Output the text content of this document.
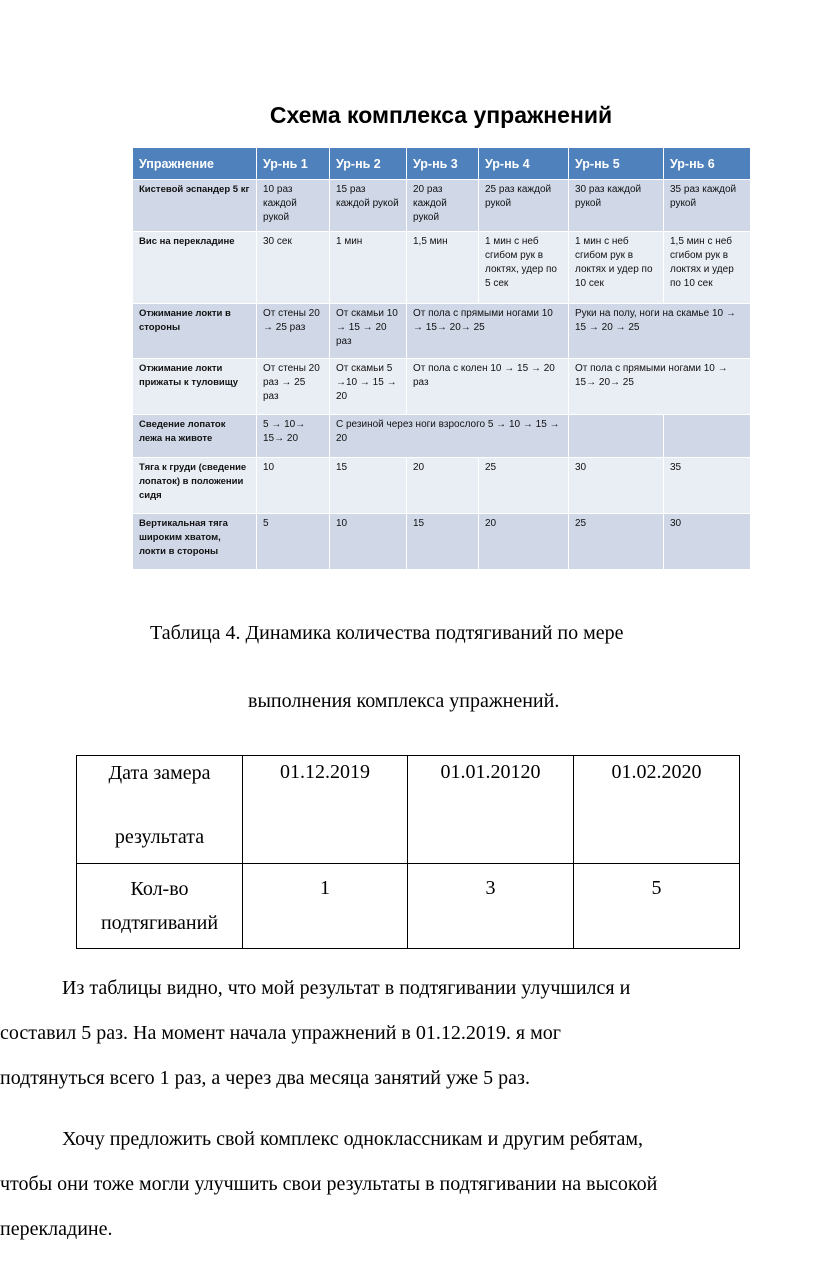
Схема комплекса упражнений
Упражнение	Ур-нь 1	Ур-нь 2	Ур-нь 3	Ур-нь 4	Ур-нь 5	Ур-нь 6
Кистевой эспандер 5 кг	10 раз каждой рукой	15 раз каждой рукой	20 раз каждой рукой	25 раз каждой рукой	30 раз каждой рукой	35 раз каждой рукой
Вис на перекладине	30 сек	1 мин	1,5 мин	1 мин с неб сгибом рук в локтях, удер по 5 сек	1 мин с неб сгибом рук в локтях и удер по 10 сек	1,5 мин с неб сгибом рук в локтях и удер по 10 сек
Отжимание локти в стороны	От стены 20 → 25 раз	От скамьи 10 → 15 → 20 раз	От пола с прямыми ногами 10 → 15→ 20→ 25		Руки на полу, ноги на скамье 10 → 15 → 20 → 25	
Отжимание локти прижаты к туловищу	От стены 20 раз → 25 раз	От скамьи 5 →10 → 15 → 20	От пола с колен 10 → 15 → 20 раз		От пола с прямыми ногами 10 → 15→ 20→ 25	
Сведение лопаток лежа на животе	5 → 10→ 15→ 20	С резиной через ноги взрослого 5 → 10 → 15 → 20				
Тяга к груди (сведение лопаток) в положении сидя	10	15	20	25	30	35
Вертикальная тяга широким хватом, локти в стороны	5	10	15	20	25	30
Таблица 4. Динамика количества подтягиваний по мере
выполнения комплекса упражнений.
Дата замера
результата	01.12.2019	01.01.20120	01.02.2020

Кол-во
подтягиваний	1	3	5

Из таблицы видно, что мой результат в подтягивании улучшился и
составил 5 раз. На момент начала упражнений в 01.12.2019. я мог
подтянуться всего 1 раз, а через два месяца занятий уже 5 раз.

Хочу предложить свой комплекс одноклассникам и другим ребятам,
чтобы они тоже могли улучшить свои результаты в подтягивании на высокой
перекладине.
